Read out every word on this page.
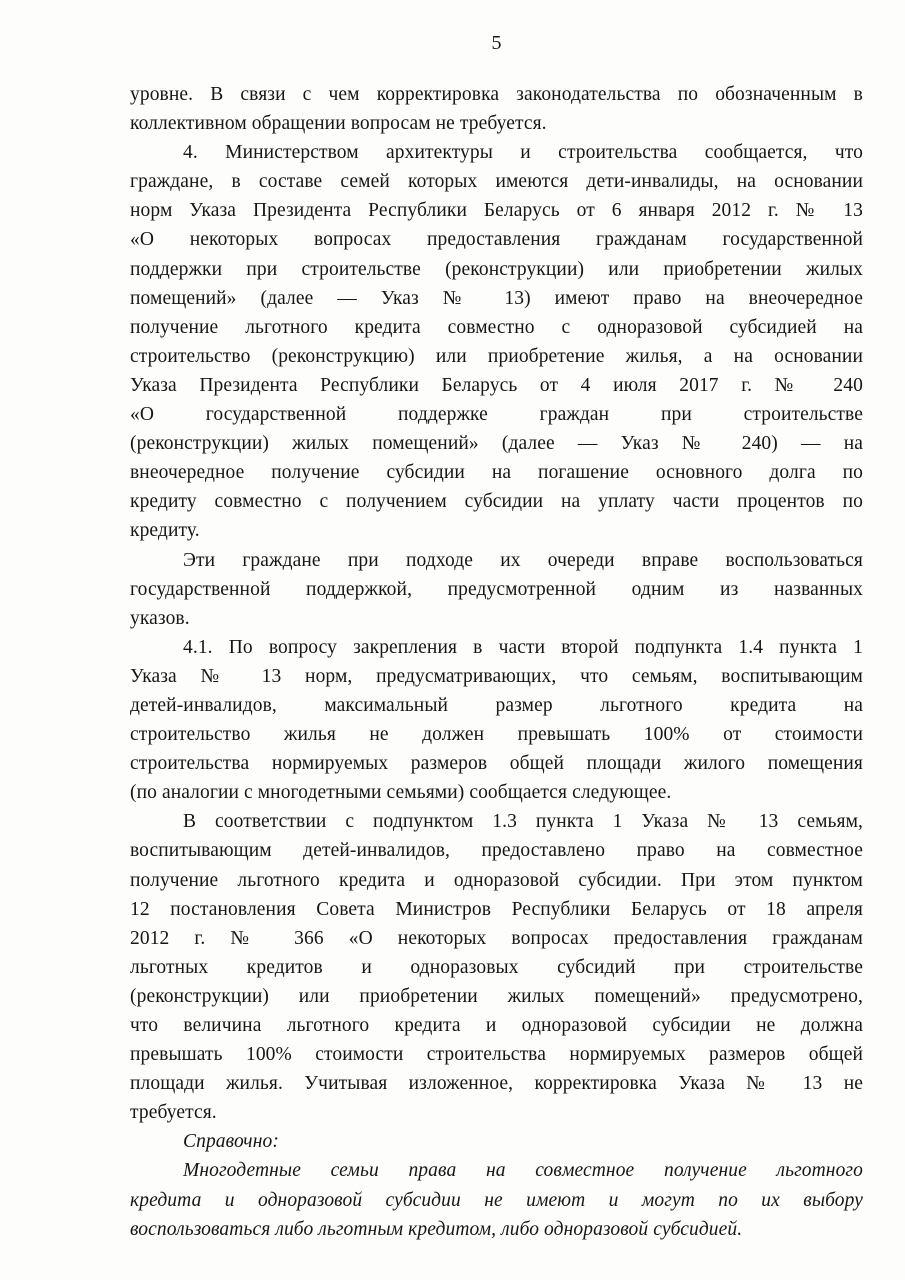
5
уровне. В связи с чем корректировка законодательства по обозначенным в
коллективном обращении вопросам не требуется.
4. Министерством архитектуры и строительства сообщается, что
граждане, в составе семей которых имеются дети-инвалиды, на основании
норм Указа Президента Республики Беларусь от 6 января 2012 г. № 13
«О некоторых вопросах предоставления гражданам государственной
поддержки при строительстве (реконструкции) или приобретении жилых
помещений» (далее — Указ № 13) имеют право на внеочередное
получение льготного кредита совместно с одноразовой субсидией на
строительство (реконструкцию) или приобретение жилья, а на основании
Указа Президента Республики Беларусь от 4 июля 2017 г. № 240
«О государственной поддержке граждан при строительстве
(реконструкции) жилых помещений» (далее — Указ № 240) — на
внеочередное получение субсидии на погашение основного долга по
кредиту совместно с получением субсидии на уплату части процентов по
кредиту.
Эти граждане при подходе их очереди вправе воспользоваться
государственной поддержкой, предусмотренной одним из названных
указов.
4.1. По вопросу закрепления в части второй подпункта 1.4 пункта 1
Указа № 13 норм, предусматривающих, что семьям, воспитывающим
детей-инвалидов, максимальный размер льготного кредита на
строительство жилья не должен превышать 100% от стоимости
строительства нормируемых размеров общей площади жилого помещения
(по аналогии с многодетными семьями) сообщается следующее.
В соответствии с подпунктом 1.3 пункта 1 Указа № 13 семьям,
воспитывающим детей-инвалидов, предоставлено право на совместное
получение льготного кредита и одноразовой субсидии. При этом пунктом
12 постановления Совета Министров Республики Беларусь от 18 апреля
2012 г. № 366 «О некоторых вопросах предоставления гражданам
льготных кредитов и одноразовых субсидий при строительстве
(реконструкции) или приобретении жилых помещений» предусмотрено,
что величина льготного кредита и одноразовой субсидии не должна
превышать 100% стоимости строительства нормируемых размеров общей
площади жилья. Учитывая изложенное, корректировка Указа № 13 не
требуется.
Справочно:
Многодетные семьи права на совместное получение льготного
кредита и одноразовой субсидии не имеют и могут по их выбору
воспользоваться либо льготным кредитом, либо одноразовой субсидией.
